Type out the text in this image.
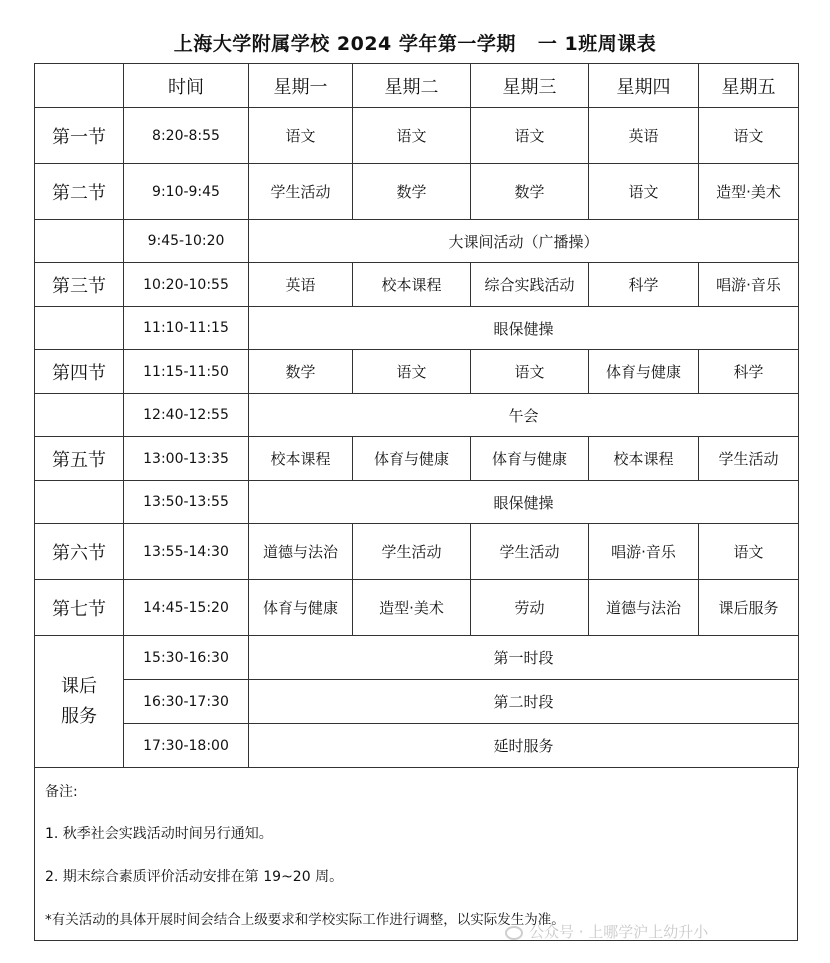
上海大学附属学校 2024 学年第一学期 一 1班周课表
	时间	星期一	星期二	星期三	星期四	星期五
第一节	8:20-8:55	语文	语文	语文	英语	语文
第二节	9:10-9:45	学生活动	数学	数学	语文	造型·美术
	9:45-10:20	大课间活动（广播操）				
第三节	10:20-10:55	英语	校本课程	综合实践活动	科学	唱游·音乐
	11:10-11:15	眼保健操				
第四节	11:15-11:50	数学	语文	语文	体育与健康	科学
	12:40-12:55	午会				
第五节	13:00-13:35	校本课程	体育与健康	体育与健康	校本课程	学生活动
	13:50-13:55	眼保健操				
第六节	13:55-14:30	道德与法治	学生活动	学生活动	唱游·音乐	语文
第七节	14:45-15:20	体育与健康	造型·美术	劳动	道德与法治	课后服务

课后
服务	15:30-16:30	第一时段				
	16:30-17:30	第二时段				
	17:30-18:00	延时服务				
备注:
1. 秋季社会实践活动时间另行通知。
2. 期末综合素质评价活动安排在第 19~20 周。
*有关活动的具体开展时间会结合上级要求和学校实际工作进行调整，以实际发生为准。
公众号 · 上哪学沪上幼升小
